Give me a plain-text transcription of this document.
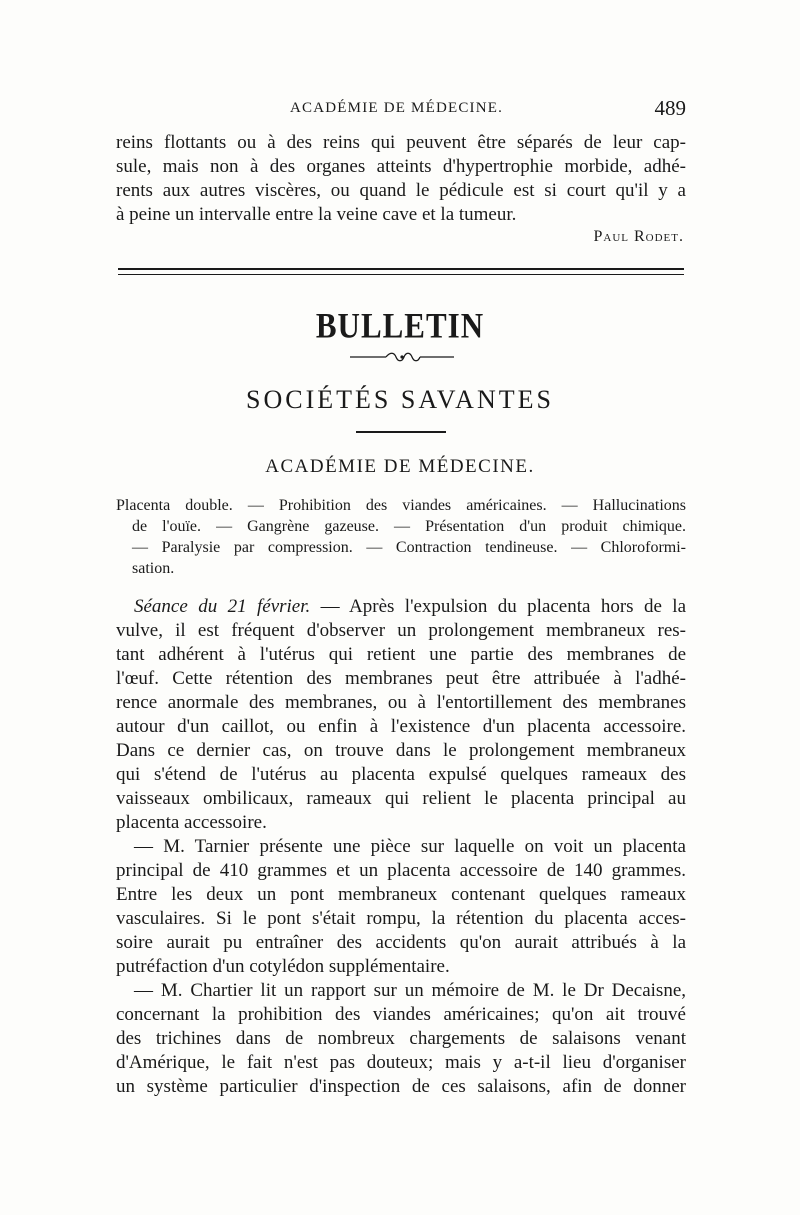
ACADÉMIE DE MÉDECINE.	489
reins flottants ou à des reins qui peuvent être séparés de leur cap-
sule, mais non à des organes atteints d'hypertrophie morbide, adhé-
rents aux autres viscères, ou quand le pédicule est si court qu'il y a
à peine un intervalle entre la veine cave et la tumeur.
Paul Rodet.
BULLETIN
SOCIÉTÉS SAVANTES
ACADÉMIE DE MÉDECINE.
Placenta double. — Prohibition des viandes américaines. — Hallucinations
de l'ouïe. — Gangrène gazeuse. — Présentation d'un produit chimique.
— Paralysie par compression. — Contraction tendineuse. — Chloroformi-
sation.
Séance du 21 février. — Après l'expulsion du placenta hors de la
vulve, il est fréquent d'observer un prolongement membraneux res-
tant adhérent à l'utérus qui retient une partie des membranes de
l'œuf. Cette rétention des membranes peut être attribuée à l'adhé-
rence anormale des membranes, ou à l'entortillement des membranes
autour d'un caillot, ou enfin à l'existence d'un placenta accessoire.
Dans ce dernier cas, on trouve dans le prolongement membraneux
qui s'étend de l'utérus au placenta expulsé quelques rameaux des
vaisseaux ombilicaux, rameaux qui relient le placenta principal au
placenta accessoire.
— M. Tarnier présente une pièce sur laquelle on voit un placenta
principal de 410 grammes et un placenta accessoire de 140 grammes.
Entre les deux un pont membraneux contenant quelques rameaux
vasculaires. Si le pont s'était rompu, la rétention du placenta acces-
soire aurait pu entraîner des accidents qu'on aurait attribués à la
putréfaction d'un cotylédon supplémentaire.
— M. Chartier lit un rapport sur un mémoire de M. le Dr Decaisne,
concernant la prohibition des viandes américaines; qu'on ait trouvé
des trichines dans de nombreux chargements de salaisons venant
d'Amérique, le fait n'est pas douteux; mais y a-t-il lieu d'organiser
un système particulier d'inspection de ces salaisons, afin de donner
